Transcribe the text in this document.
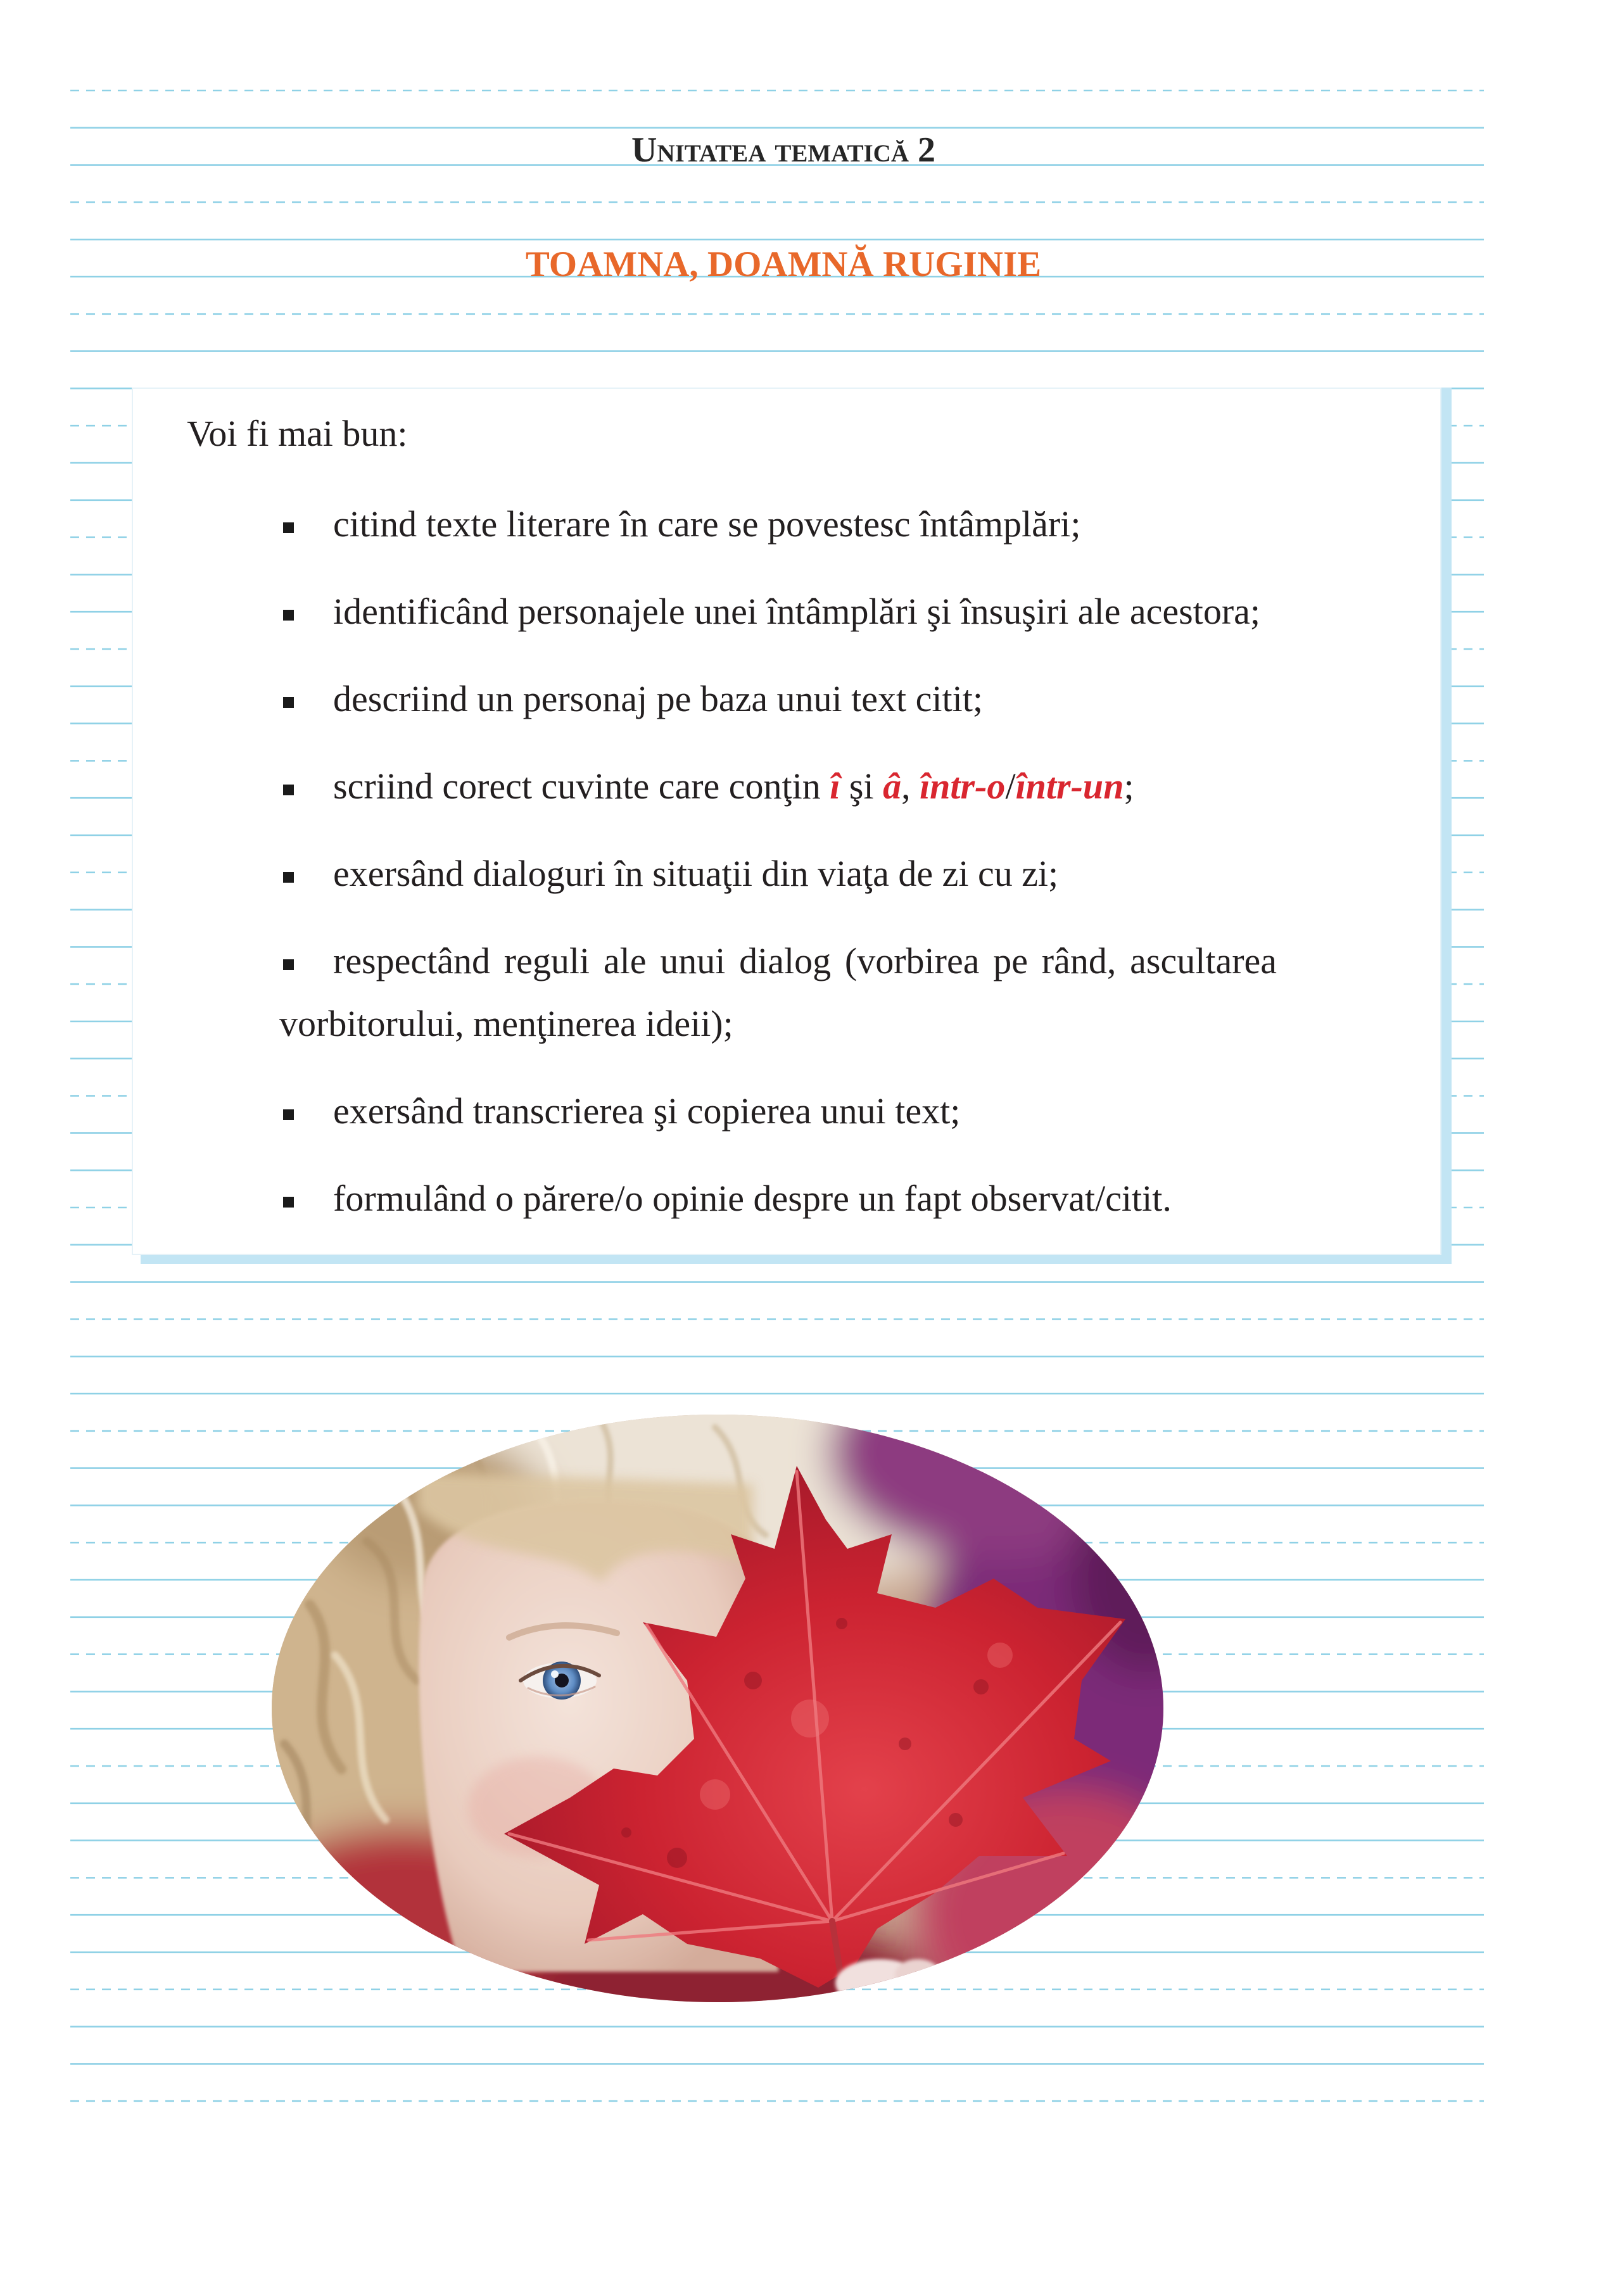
Unitatea tematică 2
TOAMNA, DOAMNĂ RUGINIE
Voi fi mai bun:
citind texte literare în care se povestesc întâmplări;
identificând personajele unei întâmplări şi însuşiri ale acestora;
descriind un personaj pe baza unui text citit;
scriind corect cuvinte care conţin î şi â, într-o/într-un;
exersând dialoguri în situaţii din viaţa de zi cu zi;
respectând reguli ale unui dialog (vorbirea pe rând, ascultarea vorbitorului, menţinerea ideii);
exersând transcrierea şi copierea unui text;
formulând o părere/o opinie despre un fapt observat/citit.
